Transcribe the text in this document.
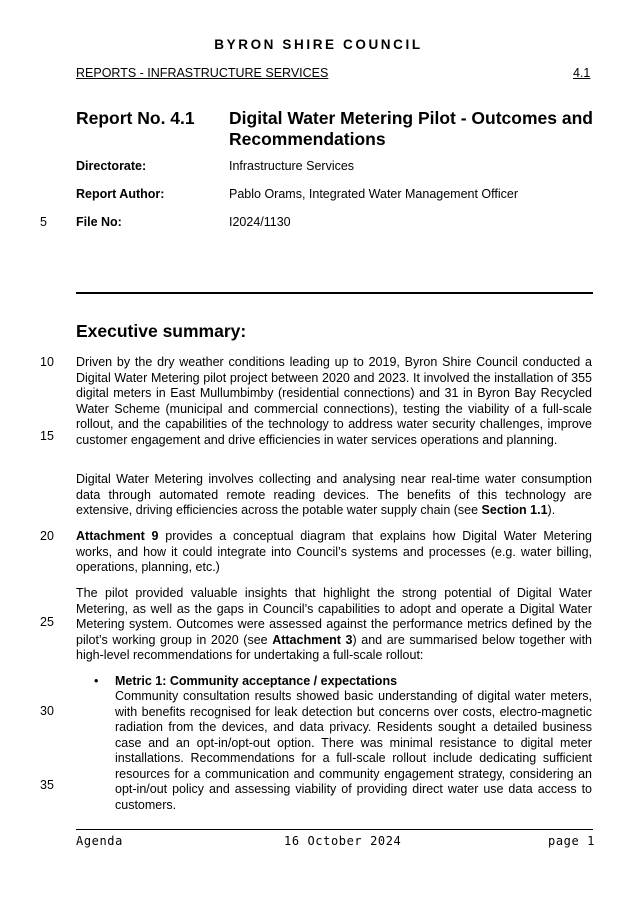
BYRON SHIRE COUNCIL
REPORTS - INFRASTRUCTURE SERVICES	4.1
Report No. 4.1 Digital Water Metering Pilot - Outcomes and Recommendations
Directorate:	Infrastructure Services
Report Author:	Pablo Orams, Integrated Water Management Officer
5 File No:	I2024/1130
Executive summary:
10 Driven by the dry weather conditions leading up to 2019, Byron Shire Council conducted a Digital Water Metering pilot project between 2020 and 2023. It involved the installation of 355 digital meters in East Mullumbimby (residential connections) and 31 in Byron Bay Recycled Water Scheme (municipal and commercial connections), testing the viability of a full-scale rollout, and the capabilities of the technology to address water security challenges, improve customer engagement and drive efficiencies in water services operations and planning.
15
Digital Water Metering involves collecting and analysing near real-time water consumption data through automated remote reading devices. The benefits of this technology are extensive, driving efficiencies across the potable water supply chain (see Section 1.1).
20 Attachment 9 provides a conceptual diagram that explains how Digital Water Metering works, and how it could integrate into Council’s systems and processes (e.g. water billing, operations, planning, etc.)
The pilot provided valuable insights that highlight the strong potential of Digital Water Metering, as well as the gaps in Council’s capabilities to adopt and operate a Digital Water Metering system. Outcomes were assessed against the performance metrics defined by the pilot’s working group in 2020 (see Attachment 3) and are summarised below together with high-level recommendations for undertaking a full-scale rollout:
25
• Metric 1: Community acceptance / expectations
Community consultation results showed basic understanding of digital water meters, with benefits recognised for leak detection but concerns over costs, electro-magnetic radiation from the devices, and data privacy. Residents sought a detailed business case and an opt-in/opt-out option. There was minimal resistance to digital meter installations. Recommendations for a full-scale rollout include dedicating sufficient resources for a communication and community engagement strategy, considering an opt-in/out policy and assessing viability of providing direct water use data access to customers.
30
35
Agenda	16 October 2024	page 1
